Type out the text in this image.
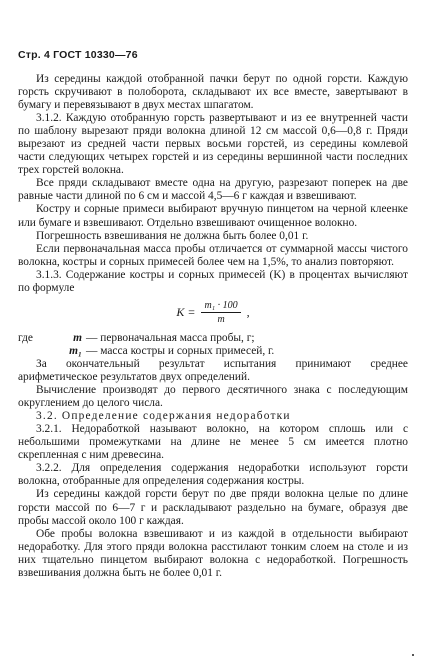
Стр. 4 ГОСТ 10330—76

Из середины каждой отобранной пачки берут по одной горсти. Каждую горсть скручивают в полоборота, складывают их все вместе, завертывают в бумагу и перевязывают в двух местах шпагатом.

3.1.2. Каждую отобранную горсть развертывают и из ее внутренней части по шаблону вырезают пряди волокна длиной 12 см массой 0,6—0,8 г. Пряди вырезают из средней части первых восьми горстей, из середины комлевой части следующих четырех горстей и из середины вершинной части последних трех горстей волокна.

Все пряди складывают вместе одна на другую, разрезают поперек на две равные части длиной по 6 см и массой 4,5—6 г каждая и взвешивают.

Костру и сорные примеси выбирают вручную пинцетом на черной клеенке или бумаге и взвешивают. Отдельно взвешивают очищенное волокно.

Погрешность взвешивания не должна быть более 0,01 г.

Если первоначальная масса пробы отличается от суммарной массы чистого волокна, костры и сорных примесей более чем на 1,5%, то анализ повторяют.

3.1.3. Содержание костры и сорных примесей (K) в процентах вычисляют по формуле

$K = \frac{\text{m₁ · 100}}{m}$ ,
где	m — первоначальная масса пробы, г;
m₁ — масса костры и сорных примесей, г.

За окончательный результат испытания принимают среднее арифметическое результатов двух определений.

Вычисление производят до первого десятичного знака с последующим округлением до целого числа.

3.2. Определение содержания недоработки

3.2.1. Недоработкой называют волокно, на котором сплошь или с небольшими промежутками на длине не менее 5 см имеется плотно скрепленная с ним древесина.

3.2.2. Для определения содержания недоработки используют горсти волокна, отобранные для определения содержания костры.

Из середины каждой горсти берут по две пряди волокна целые по длине горсти массой по 6—7 г и раскладывают раздельно на бумаге, образуя две пробы массой около 100 г каждая.

Обе пробы волокна взвешивают и из каждой в отдельности выбирают недоработку. Для этого пряди волокна расстилают тонким слоем на столе и из них тщательно пинцетом выбирают волокна с недоработкой. Погрешность взвешивания должна быть не более 0,01 г.
